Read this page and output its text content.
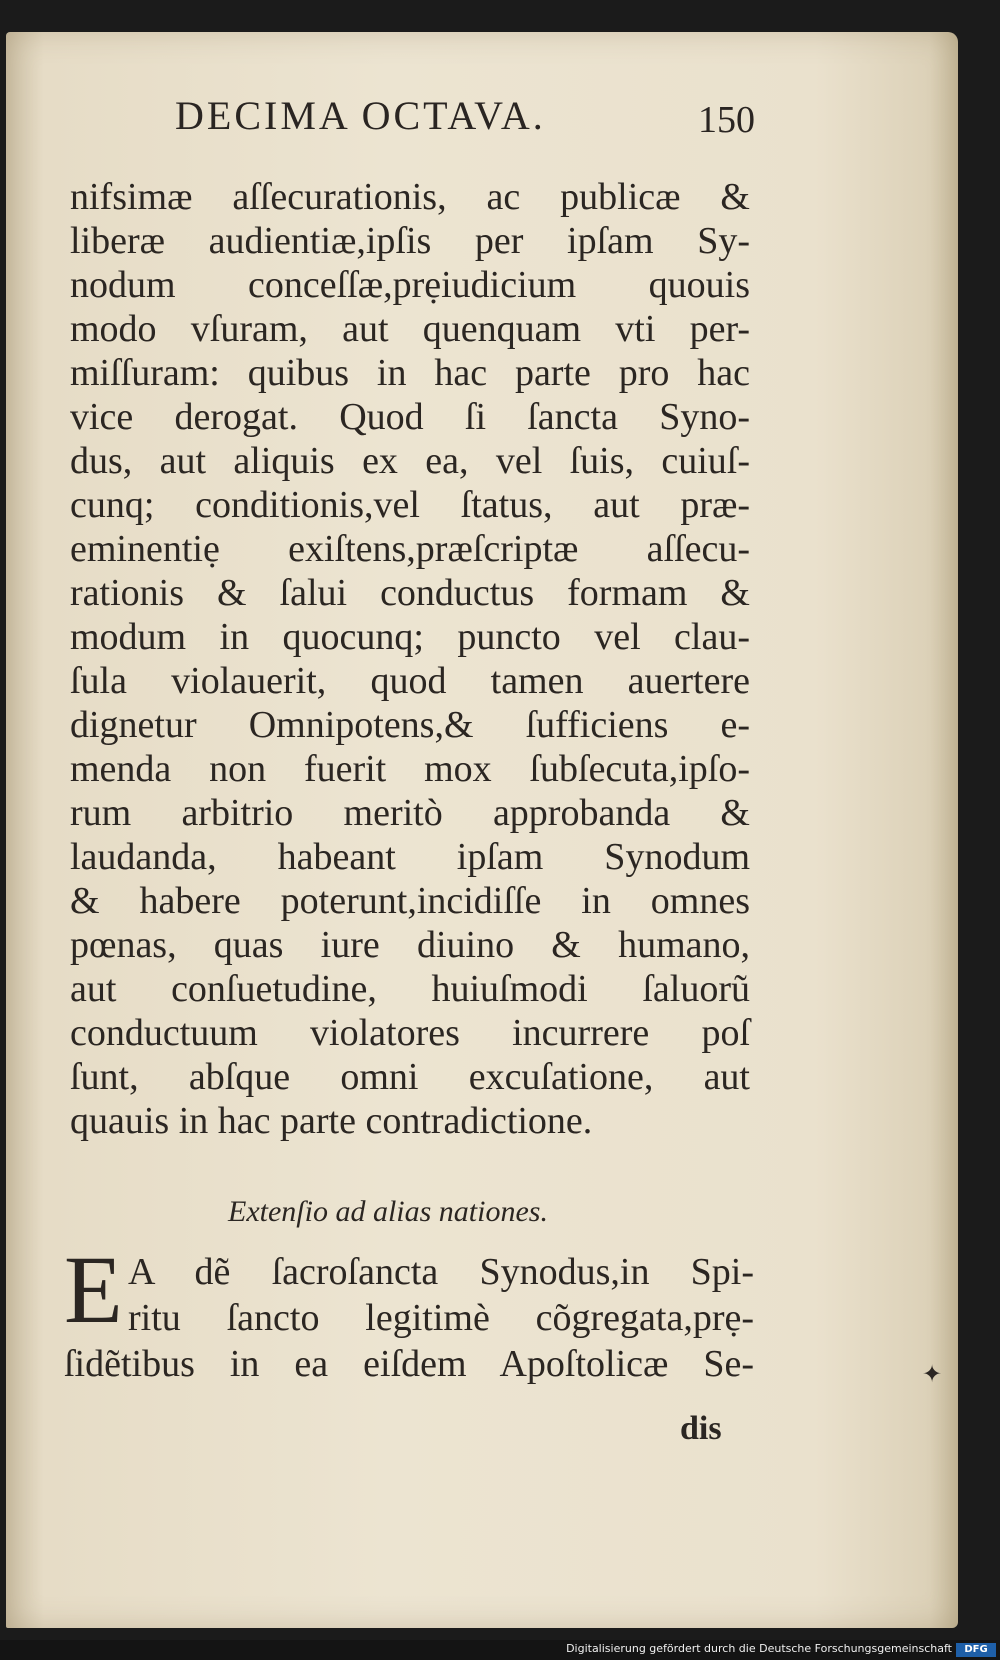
DECIMA OCTAVA.	150
nifsimæ aſſecurationis, ac publicæ &
liberæ audientiæ,ipſis per ipſam Sy-
nodum conceſſæ,prẹiudicium quouis
modo vſuram, aut quenquam vti per-
miſſuram: quibus in hac parte pro hac
vice derogat. Quod ſi ſancta Syno-
dus, aut aliquis ex ea, vel ſuis, cuiuſ-
cunq; conditionis,vel ſtatus, aut præ-
eminentiẹ exiſtens,præſcriptæ aſſecu-
rationis & ſalui conductus formam &
modum in quocunq; puncto vel clau-
ſula violauerit, quod tamen auertere
dignetur Omnipotens,& ſufficiens e-
menda non fuerit mox ſubſecuta,ipſo-
rum arbitrio meritò approbanda &
laudanda, habeant ipſam Synodum
& habere poterunt,incidiſſe in omnes
pœnas, quas iure diuino & humano,
aut conſuetudine, huiuſmodi ſaluorũ
conductuum violatores incurrere poſ
ſunt, abſque omni excuſatione, aut
quauis in hac parte contradictione.
Extenſio ad alias nationes.
E A dẽ ſacroſancta Synodus,in Spi-
ritu ſancto legitimè cõgregata,prẹ-
ſidẽtibus in ea eiſdem Apoſtolicæ Se-
dis
✦
Digitalisierung gefördert durch die Deutsche Forschungsgemeinschaft	DFG
